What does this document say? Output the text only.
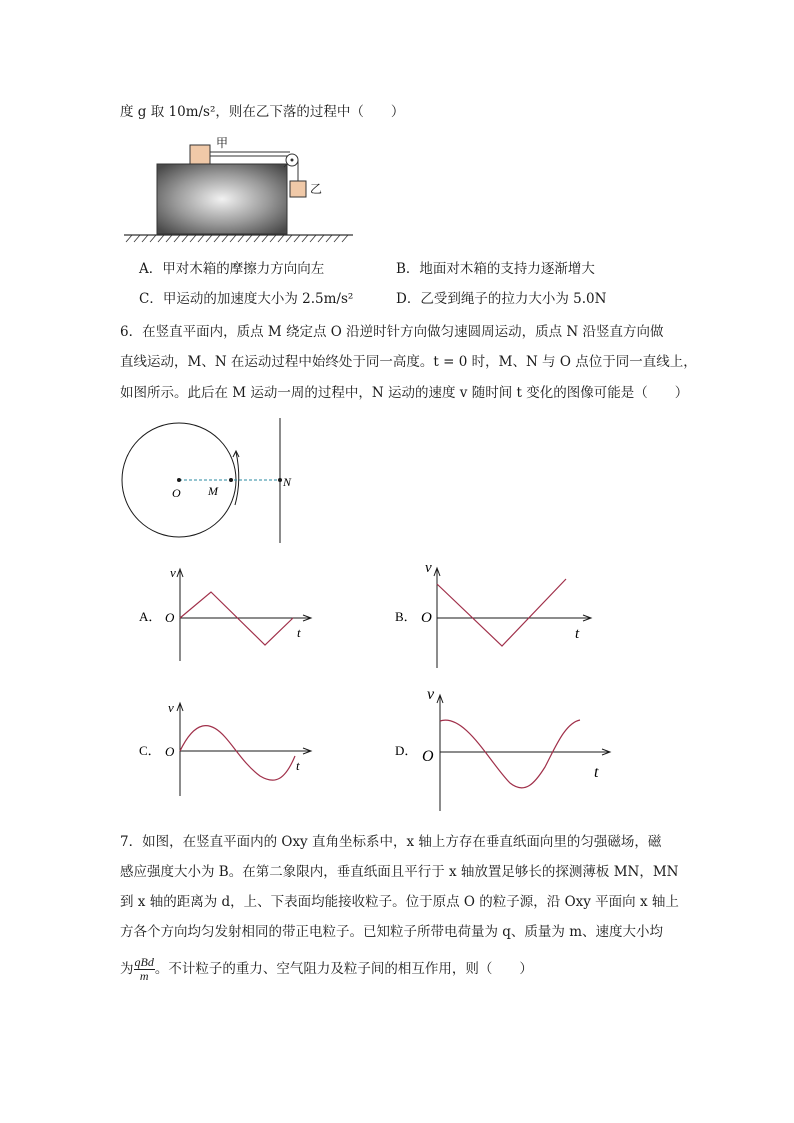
度 g 取 10m/s²，则在乙下落的过程中（　　）
甲
乙
A．甲对木箱的摩擦力方向向左	B．地面对木箱的支持力逐渐增大
C．甲运动的加速度大小为 2.5m/s²	D．乙受到绳子的拉力大小为 5.0N
6．在竖直平面内，质点 M 绕定点 O 沿逆时针方向做匀速圆周运动，质点 N 沿竖直方向做
直线运动，M、N 在运动过程中始终处于同一高度。t = 0 时，M、N 与 O 点位于同一直线上，
如图所示。此后在 M 运动一周的过程中，N 运动的速度 v 随时间 t 变化的图像可能是（　　）
O M
N
A．
v
O
t
B．
v
O
t
C．
v
O
t
D．
v
O
t
7．如图，在竖直平面内的 Oxy 直角坐标系中，x 轴上方存在垂直纸面向里的匀强磁场，磁
感应强度大小为 B。在第二象限内，垂直纸面且平行于 x 轴放置足够长的探测薄板 MN，MN
到 x 轴的距离为 d，上、下表面均能接收粒子。位于原点 O 的粒子源，沿 Oxy 平面向 x 轴上
方各个方向均匀发射相同的带正电粒子。已知粒子所带电荷量为 q、质量为 m、速度大小均
为 $\frac{\text{qBd}}{m}$ 。不计粒子的重力、空气阻力及粒子间的相互作用，则（　　）
